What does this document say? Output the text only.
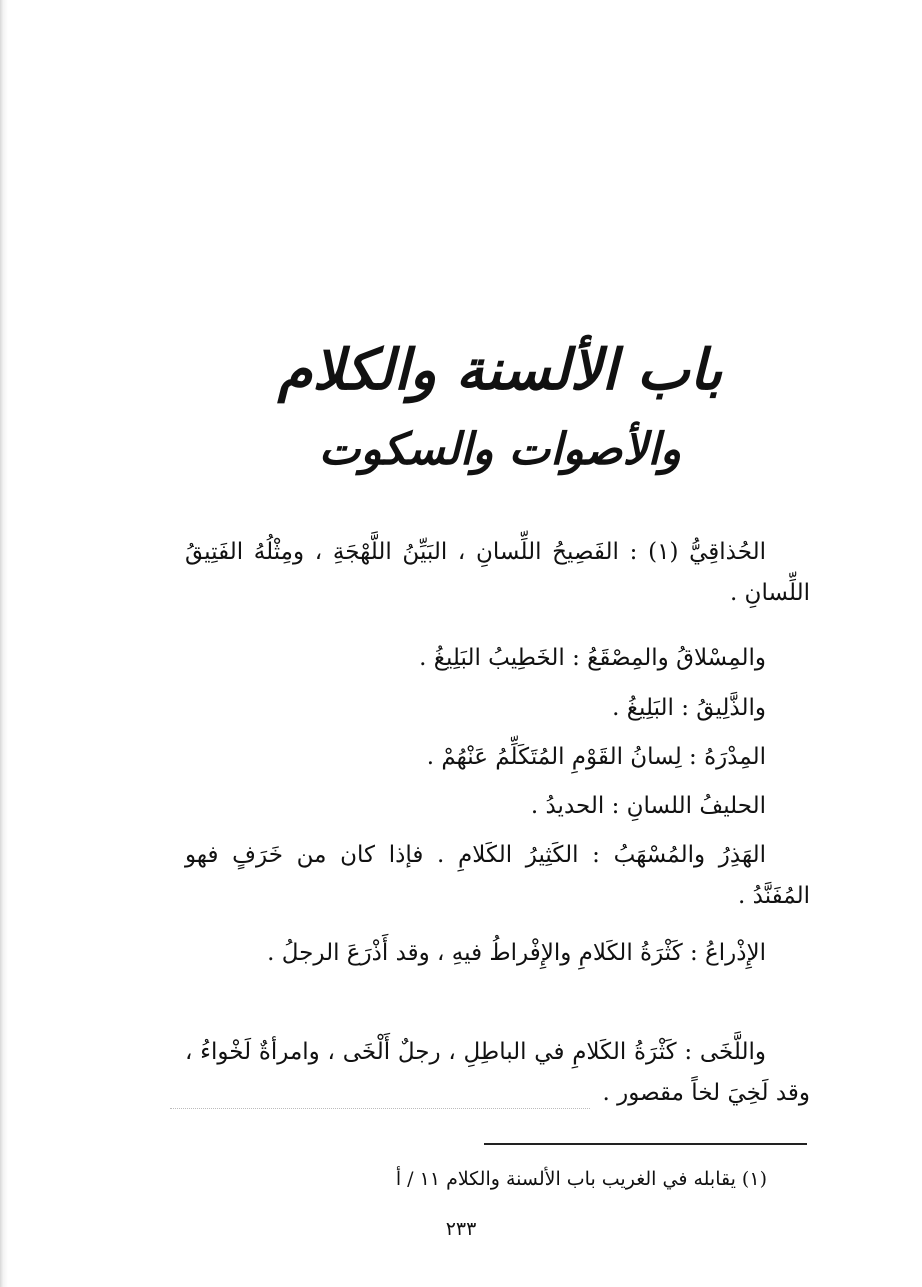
باب الألسنة والكلام
والأصوات والسكوت

الحُذاقِيُّ (١) : الفَصِيحُ اللِّسانِ ، البَيِّنُ اللَّهْجَةِ ، ومِثْلُهُ الفَتِيقُ اللِّسانِ .

والمِسْلاقُ والمِصْقَعُ : الخَطِيبُ البَلِيغُ .

والذَّلِيقُ : البَلِيغُ .

المِدْرَهُ : لِسانُ القَوْمِ المُتَكَلِّمُ عَنْهُمْ .

الحليفُ اللسانِ : الحديدُ .

الهَذِرُ والمُسْهَبُ : الكَثِيرُ الكَلامِ . فإذا كان من خَرَفٍ فهو المُفَنَّدُ .

الإِذْراعُ : كَثْرَةُ الكَلامِ والإِفْراطُ فيهِ ، وقد أَذْرَعَ الرجلُ .

واللَّخَى : كَثْرَةُ الكَلامِ في الباطِلِ ، رجلٌ أَلْخَى ، وامرأةٌ لَخْواءُ ، وقد لَخِيَ لخاً مقصور .

(١) يقابله في الغريب باب الألسنة والكلام ١١ / أ
٢٣٣
